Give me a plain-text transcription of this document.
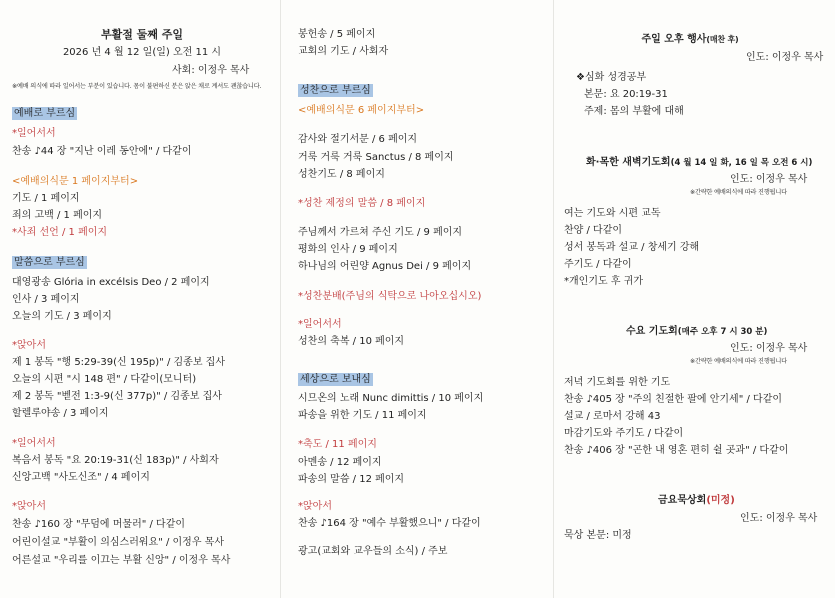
부활절 둘째 주일
2026 년 4 월 12 일(일) 오전 11 시
사회: 이정우 목사
※예배 의식에 따라 일어서는 부분이 있습니다. 몸이 불편하신 분은 앉은 채로 계셔도 괜찮습니다.
예배로 부르심
*일어서서
찬송 ♪44 장 "지난 이레 동안에" / 다같이
<예배의식문 1 페이지부터>
기도 / 1 페이지
죄의 고백 / 1 페이지
*사죄 선언 / 1 페이지
말씀으로 부르심
대영광송 Glória in excélsis Deo / 2 페이지
인사 / 3 페이지
오늘의 기도 / 3 페이지
*앉아서
제 1 봉독 "행 5:29-39(신 195p)" / 김종보 집사
오늘의 시편 "시 148 편" / 다같이(모니터)
제 2 봉독 "벧전 1:3-9(신 377p)" / 김종보 집사
할렐루야송 / 3 페이지
*일어서서
복음서 봉독 "요 20:19-31(신 183p)" / 사회자
신앙고백 "사도신조" / 4 페이지
*앉아서
찬송 ♪160 장 "무덤에 머물러" / 다같이
어린이설교 "부활이 의심스러워요" / 이정우 목사
어른설교 "우리를 이끄는 부활 신앙" / 이정우 목사
봉헌송 / 5 페이지
교회의 기도 / 사회자
성찬으로 부르심
<예배의식문 6 페이지부터>
감사와 절기서문 / 6 페이지
거룩 거룩 거룩 Sanctus / 8 페이지
성찬기도 / 8 페이지
*성찬 제정의 말씀 / 8 페이지
주님께서 가르쳐 주신 기도 / 9 페이지
평화의 인사 / 9 페이지
하나님의 어린양 Agnus Dei / 9 페이지
*성찬분배(주님의 식탁으로 나아오십시오)
*일어서서
성찬의 축복 / 10 페이지
세상으로 보내심
시므온의 노래 Nunc dimittis / 10 페이지
파송을 위한 기도 / 11 페이지
*축도 / 11 페이지
아멘송 / 12 페이지
파송의 말씀 / 12 페이지
*앉아서
찬송 ♪164 장 "예수 부활했으니" / 다같이
광고(교회와 교우들의 소식) / 주보
주일 오후 행사(매찬 후)
인도: 이정우 목사
❖심화 성경공부
본문: 요 20:19-31
주제: 몸의 부활에 대해
화·목한 새벽기도회(4 월 14 일 화, 16 일 목 오전 6 시)
인도: 이정우 목사
※간략한 예배의식에 따라 진행됩니다
여는 기도와 시편 교독
찬양 / 다같이
성서 봉독과 설교 / 창세기 강해
주기도 / 다같이
*개인기도 후 귀가
수요 기도회(매주 오후 7 시 30 분)
인도: 이정우 목사
※간략한 예배의식에 따라 진행됩니다
저녁 기도회를 위한 기도
찬송 ♪405 장 "주의 친절한 팔에 안기세" / 다같이
설교 / 로마서 강해 43
마감기도와 주기도 / 다같이
찬송 ♪406 장 "곤한 내 영혼 편히 쉴 곳과" / 다같이
금요묵상회(미정)
인도: 이정우 목사
묵상 본문: 미정
